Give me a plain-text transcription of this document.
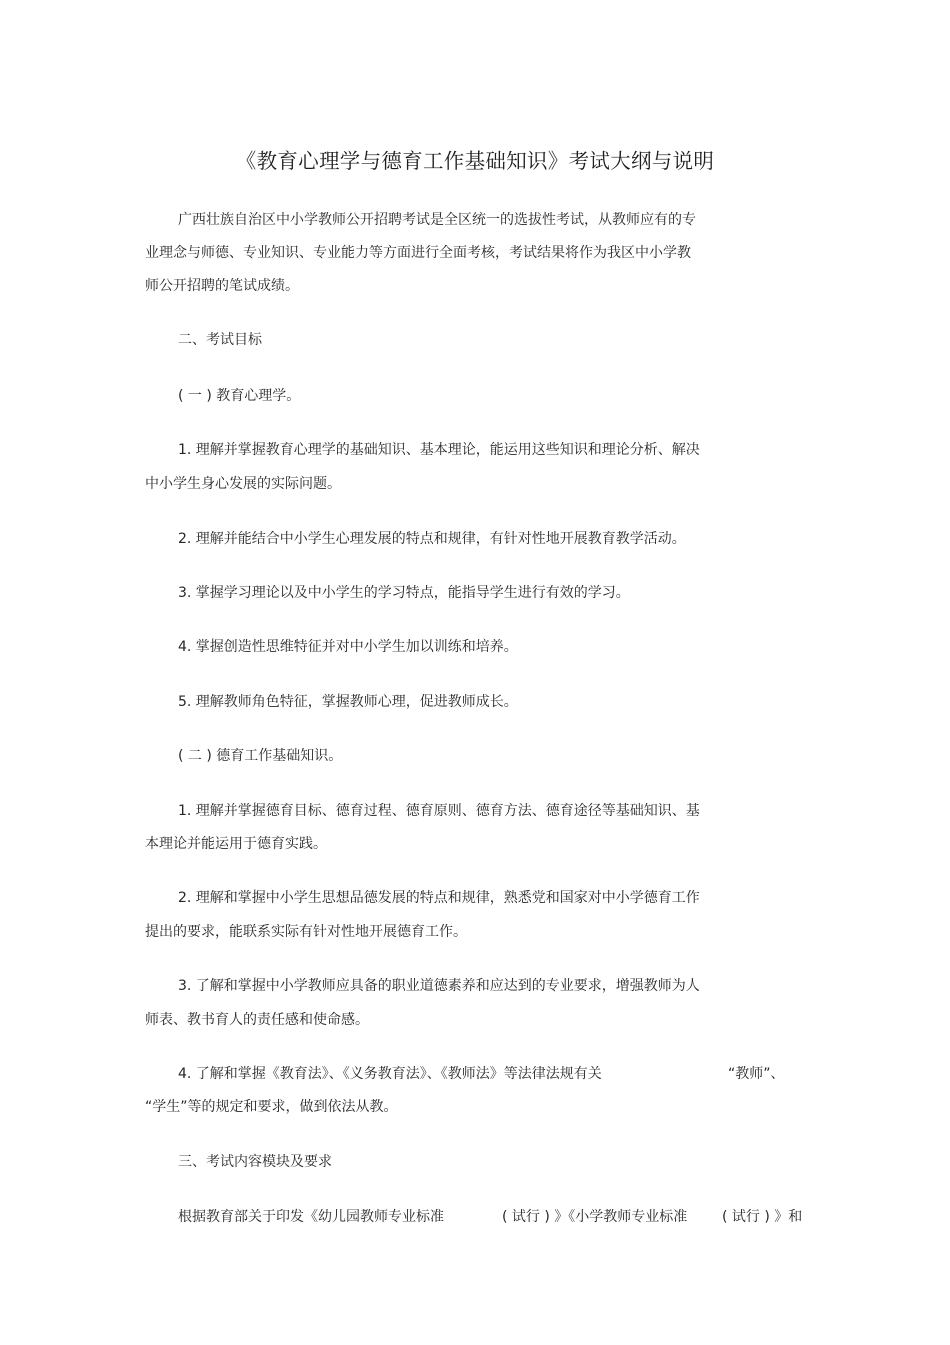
《教育心理学与德育工作基础知识》考试大纲与说明
广西壮族自治区中小学教师公开招聘考试是全区统一的选拔性考试，从教师应有的专
业理念与师德、专业知识、专业能力等方面进行全面考核，考试结果将作为我区中小学教
师公开招聘的笔试成绩。
二、考试目标
( 一 ) 教育心理学。
1. 理解并掌握教育心理学的基础知识、基本理论，能运用这些知识和理论分析、解决
中小学生身心发展的实际问题。
2. 理解并能结合中小学生心理发展的特点和规律，有针对性地开展教育教学活动。
3. 掌握学习理论以及中小学生的学习特点，能指导学生进行有效的学习。
4. 掌握创造性思维特征并对中小学生加以训练和培养。
5. 理解教师角色特征，掌握教师心理，促进教师成长。
( 二 ) 德育工作基础知识。
1. 理解并掌握德育目标、德育过程、德育原则、德育方法、德育途径等基础知识、基
本理论并能运用于德育实践。
2. 理解和掌握中小学生思想品德发展的特点和规律，熟悉党和国家对中小学德育工作
提出的要求，能联系实际有针对性地开展德育工作。
3. 了解和掌握中小学教师应具备的职业道德素养和应达到的专业要求，增强教师为人
师表、教书育人的责任感和使命感。
4. 了解和掌握《教育法》、《义务教育法》、《教师法》等法律法规有关	“教师”、
“学生”等的规定和要求，做到依法从教。
三、考试内容模块及要求
根据教育部关于印发《幼儿园教师专业标准	( 试行 ) 》《小学教师专业标准 ( 试行 ) 》和
